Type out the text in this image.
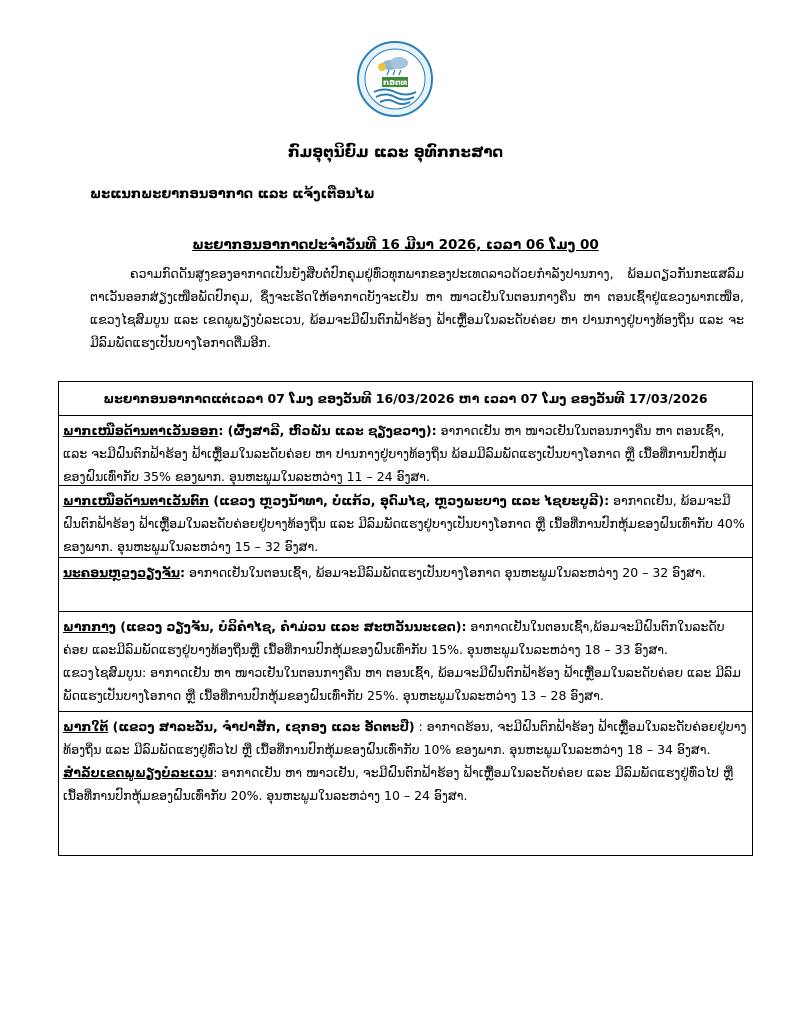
ກອຕທ
ກົມອຸຕຸນິຍົມ ແລະ ອຸທົກກະສາດ
ພະແນກພະຍາກອນອາກາດ ແລະ ແຈ້ງເຕືອນໄພ
ພະຍາກອນອາກາດປະຈຳວັນທີ 16 ມີນາ 2026, ເວລາ 06 ໂມງ 00
ຄວາມກົດດັນສູງຂອງອາກາດເປັນຍັງສືບຕໍ່ປົກຄຸມຢູ່ທົ່ວທຸກພາກຂອງປະເທດລາວດ້ວຍກຳລັງປານກາງ, ພ້ອມດຽວກັນກະແສລົມຕາເວັນອອກສ່ຽງເໜືອພັດປົກຄຸມ, ຊຶ່ງຈະເຮັດໃຫ້ອາກາດບັງຈະເຢັນ ຫາ ໜາວເຢັນໃນຕອນກາງຄືນ ຫາ ຕອນເຊົ້າຢູ່ແຂວງພາກເໜືອ, ແຂວງໄຊສົມບູນ ແລະ ເຂດພູພຽງບໍລະເວນ, ພ້ອມຈະມີຝົນຕົກຟ້າຮ້ອງ ຟ້າເຫຼື້ອມໃນລະດັບຄ່ອຍ ຫາ ປານກາງຢູ່ບາງທ້ອງຖິ່ນ ແລະ ຈະມີລົມພັດແຮງເປັນບາງໂອກາດຕື່ມອີກ.
ພະຍາກອນອາກາດແຕ່ເວລາ 07 ໂມງ ຂອງວັນທີ 16/03/2026 ຫາ ເວລາ 07 ໂມງ ຂອງວັນທີ 17/03/2026
ພາກເໜືອດ້ານຕາເວັນອອກ: (ຜົ້ງສາລີ, ຫົວພັນ ແລະ ຊຽງຂວາງ): ອາກາດເຢັນ ຫາ ໜາວເຢັນໃນຕອນກາງຄືນ ຫາ ຕອນເຊົ້າ, ແລະ ຈະມີຝົນຕົກຟ້າຮ້ອງ ຟ້າເຫຼື້ອມໃນລະດັບຄ່ອຍ ຫາ ປານກາງຢູ່ບາງທ້ອງຖິ່ນ ພ້ອມມີລົມພັດແຮງເປັນບາງໂອກາດ ຫຼື ເນື້ອທີ່ການປົກຫຸ້ມຂອງຝົນເທົ່າກັບ 35% ຂອງພາກ. ອຸນຫະພູມໃນລະຫວ່າງ 11 – 24 ອົງສາ.
ພາກເໜືອດ້ານຕາເວັນຕົກ (ແຂວງ ຫຼວງນ້ຳທາ, ບໍ່ແກ້ວ, ອຸດົມໄຊ, ຫຼວງພະບາງ ແລະ ໄຊຍະບູລີ): ອາກາດເຢັນ, ພ້ອມຈະມີຝົນຕົກຟ້າຮ້ອງ ຟ້າເຫຼື້ອມໃນລະດັບຄ່ອຍຢູ່ບາງທ້ອງຖິ່ນ ແລະ ມີລົມພັດແຮງຢູ່ບາງເປັນບາງໂອກາດ ຫຼື ເນື້ອທີ່ການປົກຫຸ້ມຂອງຝົນເທົ່າກັບ 40% ຂອງພາກ. ອຸນຫະພູມໃນລະຫວ່າງ 15 – 32 ອົງສາ.
ນະຄອນຫຼວງວຽງຈັນ: ອາກາດເຢັນໃນຕອນເຊົ້າ, ພ້ອມຈະມີລົມພັດແຮງເປັນບາງໂອກາດ ອຸນຫະພູມໃນລະຫວ່າງ 20 – 32 ອົງສາ.
ພາກກາງ (ແຂວງ ວຽງຈັນ, ບໍລິຄຳໄຊ, ຄຳມ່ວນ ແລະ ສະຫວັນນະເຂດ): ອາກາດເຢັນໃນຕອນເຊົ້າ,ພ້ອມຈະມີຝົນຕົກໃນລະດັບຄ່ອຍ ແລະມີລົມພັດແຮງຢູ່ບາງທ້ອງຖິ່ນຫຼື ເນື້ອທີ່ການປົກຫຸ້ມຂອງຝົນເທົ່າກັບ 15%. ອຸນຫະພູມໃນລະຫວ່າງ 18 – 33 ອົງສາ.
ແຂວງໄຊສົມບູນ: ອາກາດເຢັນ ຫາ ໜາວເຢັນໃນຕອນກາງຄືນ ຫາ ຕອນເຊົ້າ, ພ້ອມຈະມີຝົນຕົກຟ້າຮ້ອງ ຟ້າເຫຼື້ອມໃນລະດັບຄ່ອຍ ແລະ ມີລົມພັດແຮງເປັນບາງໂອກາດ ຫຼື ເນື້ອທີ່ການປົກຫຸ້ມຂອງຝົນເທົ່າກັບ 25%. ອຸນຫະພູມໃນລະຫວ່າງ 13 – 28 ອົງສາ.
ພາກໃຕ້ (ແຂວງ ສາລະວັນ, ຈຳປາສັກ, ເຊກອງ ແລະ ອັດຕະປື) : ອາກາດຮ້ອນ, ຈະມີຝົນຕົກຟ້າຮ້ອງ ຟ້າເຫຼື້ອມໃນລະດັບຄ່ອຍຢູ່ບາງທ້ອງຖິ່ນ ແລະ ມີລົມພັດແຮງຢູ່ທົ່ວໄປ ຫຼື ເນື້ອທີ່ການປົກຫຸ້ມຂອງຝົນເທົ່າກັບ 10% ຂອງພາກ. ອຸນຫະພູມໃນລະຫວ່າງ 18 – 34 ອົງສາ.
ສຳລັບເຂດພູພຽງບໍລະເວນ: ອາກາດເຢັນ ຫາ ໜາວເຢັນ, ຈະມີຝົນຕົກຟ້າຮ້ອງ ຟ້າເຫຼື້ອມໃນລະດັບຄ່ອຍ ແລະ ມີລົມພັດແຮງຢູ່ທົ່ວໄປ ຫຼື ເນື້ອທີ່ການປົກຫຸ້ມຂອງຝົນເທົ່າກັບ 20%. ອຸນຫະພູມໃນລະຫວ່າງ 10 – 24 ອົງສາ.
